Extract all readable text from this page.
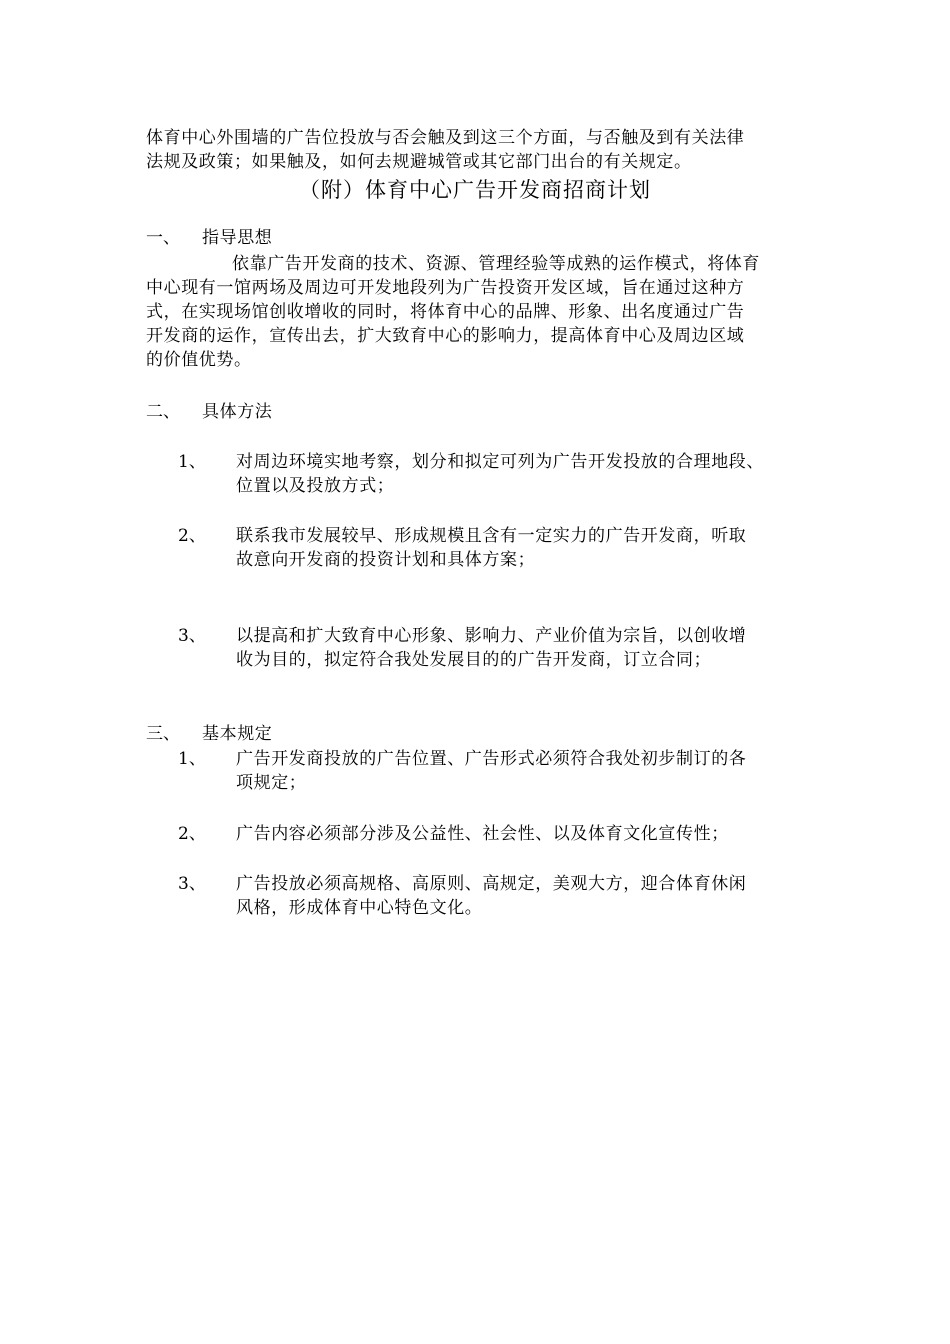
体育中心外围墙的广告位投放与否会触及到这三个方面，与否触及到有关法律
法规及政策；如果触及，如何去规避城管或其它部门出台的有关规定。
（附）体育中心广告开发商招商计划
一、 指导思想
依靠广告开发商的技术、资源、管理经验等成熟的运作模式，将体育
中心现有一馆两场及周边可开发地段列为广告投资开发区域，旨在通过这种方
式，在实现场馆创收增收的同时，将体育中心的品牌、形象、出名度通过广告
开发商的运作，宣传出去，扩大致育中心的影响力，提高体育中心及周边区域
的价值优势。
二、 具体方法
1、 对周边环境实地考察，划分和拟定可列为广告开发投放的合理地段、
位置以及投放方式；
2、 联系我市发展较早、形成规模且含有一定实力的广告开发商，听取
故意向开发商的投资计划和具体方案；
3、 以提高和扩大致育中心形象、影响力、产业价值为宗旨，以创收增
收为目的，拟定符合我处发展目的的广告开发商，订立合同；
三、 基本规定
1、 广告开发商投放的广告位置、广告形式必须符合我处初步制订的各
项规定；
2、 广告内容必须部分涉及公益性、社会性、以及体育文化宣传性；
3、 广告投放必须高规格、高原则、高规定，美观大方，迎合体育休闲
风格，形成体育中心特色文化。
